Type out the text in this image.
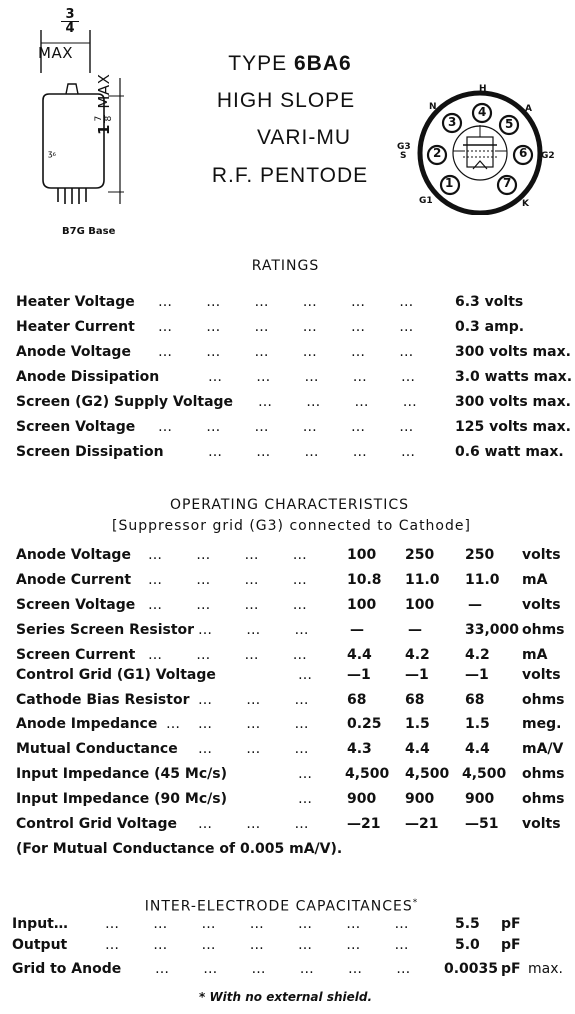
ʒ₆
$\frac{3}{4}$
MAX
17
8MAX
B7G Base
TYPE 6BA6
HIGH SLOPE
VARI-MU
R.F. PENTODE	1
2
3
4
5
6
7
H
N	A
G3
S	G2
G1	K
RATINGS
Heater Voltage …     …     …     …     …     …	6.3 volts
Heater Current …     …     …     …     …     …	0.3 amp.
Anode Voltage …     …     …     …     …     …	300 volts max.
Anode Dissipation	…     …     …     …     …	3.0 watts max.
Screen (G2) Supply Voltage …     …     …     …	300 volts max.
Screen Voltage …     …     …     …     …     …	125 volts max.
Screen Dissipation	…     …     …     …     …	0.6 watt max.
OPERATING CHARACTERISTICS
[Suppressor grid (G3) connected to Cathode]
Anode Voltage …     …     …     …	100 250 250 volts
Anode Current …     …     …     …	10.8 11.0 11.0 mA
Screen Voltage …     …     …     …	100 100 —	volts
Series Screen Resistor …     …     …	—	—	33,000 ohms
Screen Current …     …     …     …	4.4 4.2	4.2 mA
Control Grid (G1) Voltage	… —1 —1	—1 volts
Cathode Bias Resistor …     …     …	68	68	68	ohms
Anode Impedance … …     …     …	0.25 1.5	1.5 meg.
Mutual Conductance …     …     …	4.3 4.4	4.4 mA/V
Input Impedance (45 Mc/s)	… 4,500 4,500 4,500 ohms
Input Impedance (90 Mc/s)	… 900 900 900 ohms
Control Grid Voltage …     …     …	—21 —21 —51 volts
(For Mutual Conductance of 0.005 mA/V).
INTER-ELECTRODE CAPACITANCES*
Input…	…     …     …     …     …     …     …	5.5 pF
Output	…     …     …     …     …     …     …	5.0 pF
Grid to Anode …     …     …     …     …     … 0.0035 pF max.
* With no external shield.
